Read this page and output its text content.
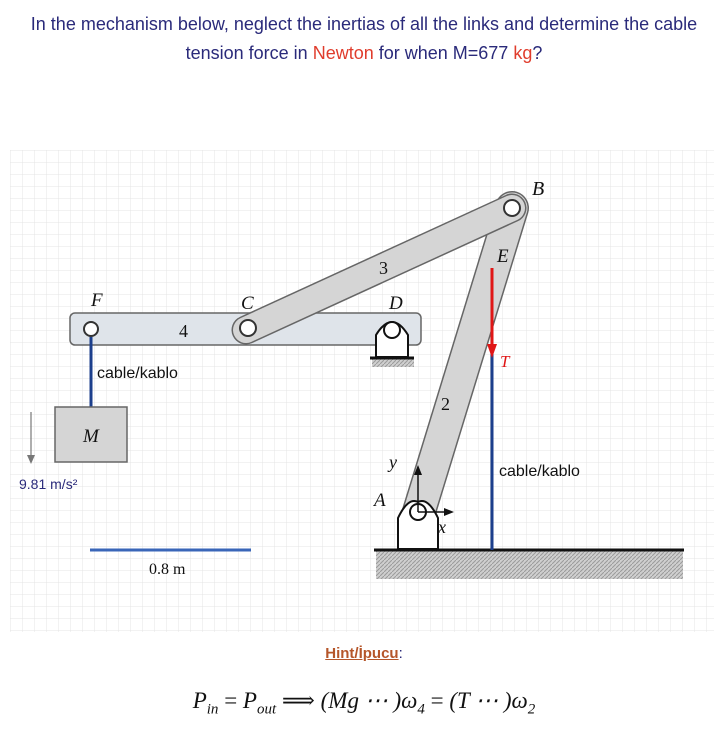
In the mechanism below, neglect the inertias of all the links and determine the cable
tension force in Newton for when M=677 kg?
B
E
T
3
C	D
F
4
2
cable/kablo
cable/kablo
M
9.81 m/s²
0.8 m
y
x
A
Hint/İpucu:
$P_{in} = P_{out}$ ⟹ (Mg ⋯ )$\omega_4 = (T$ ⋯ )$\omega_2$
